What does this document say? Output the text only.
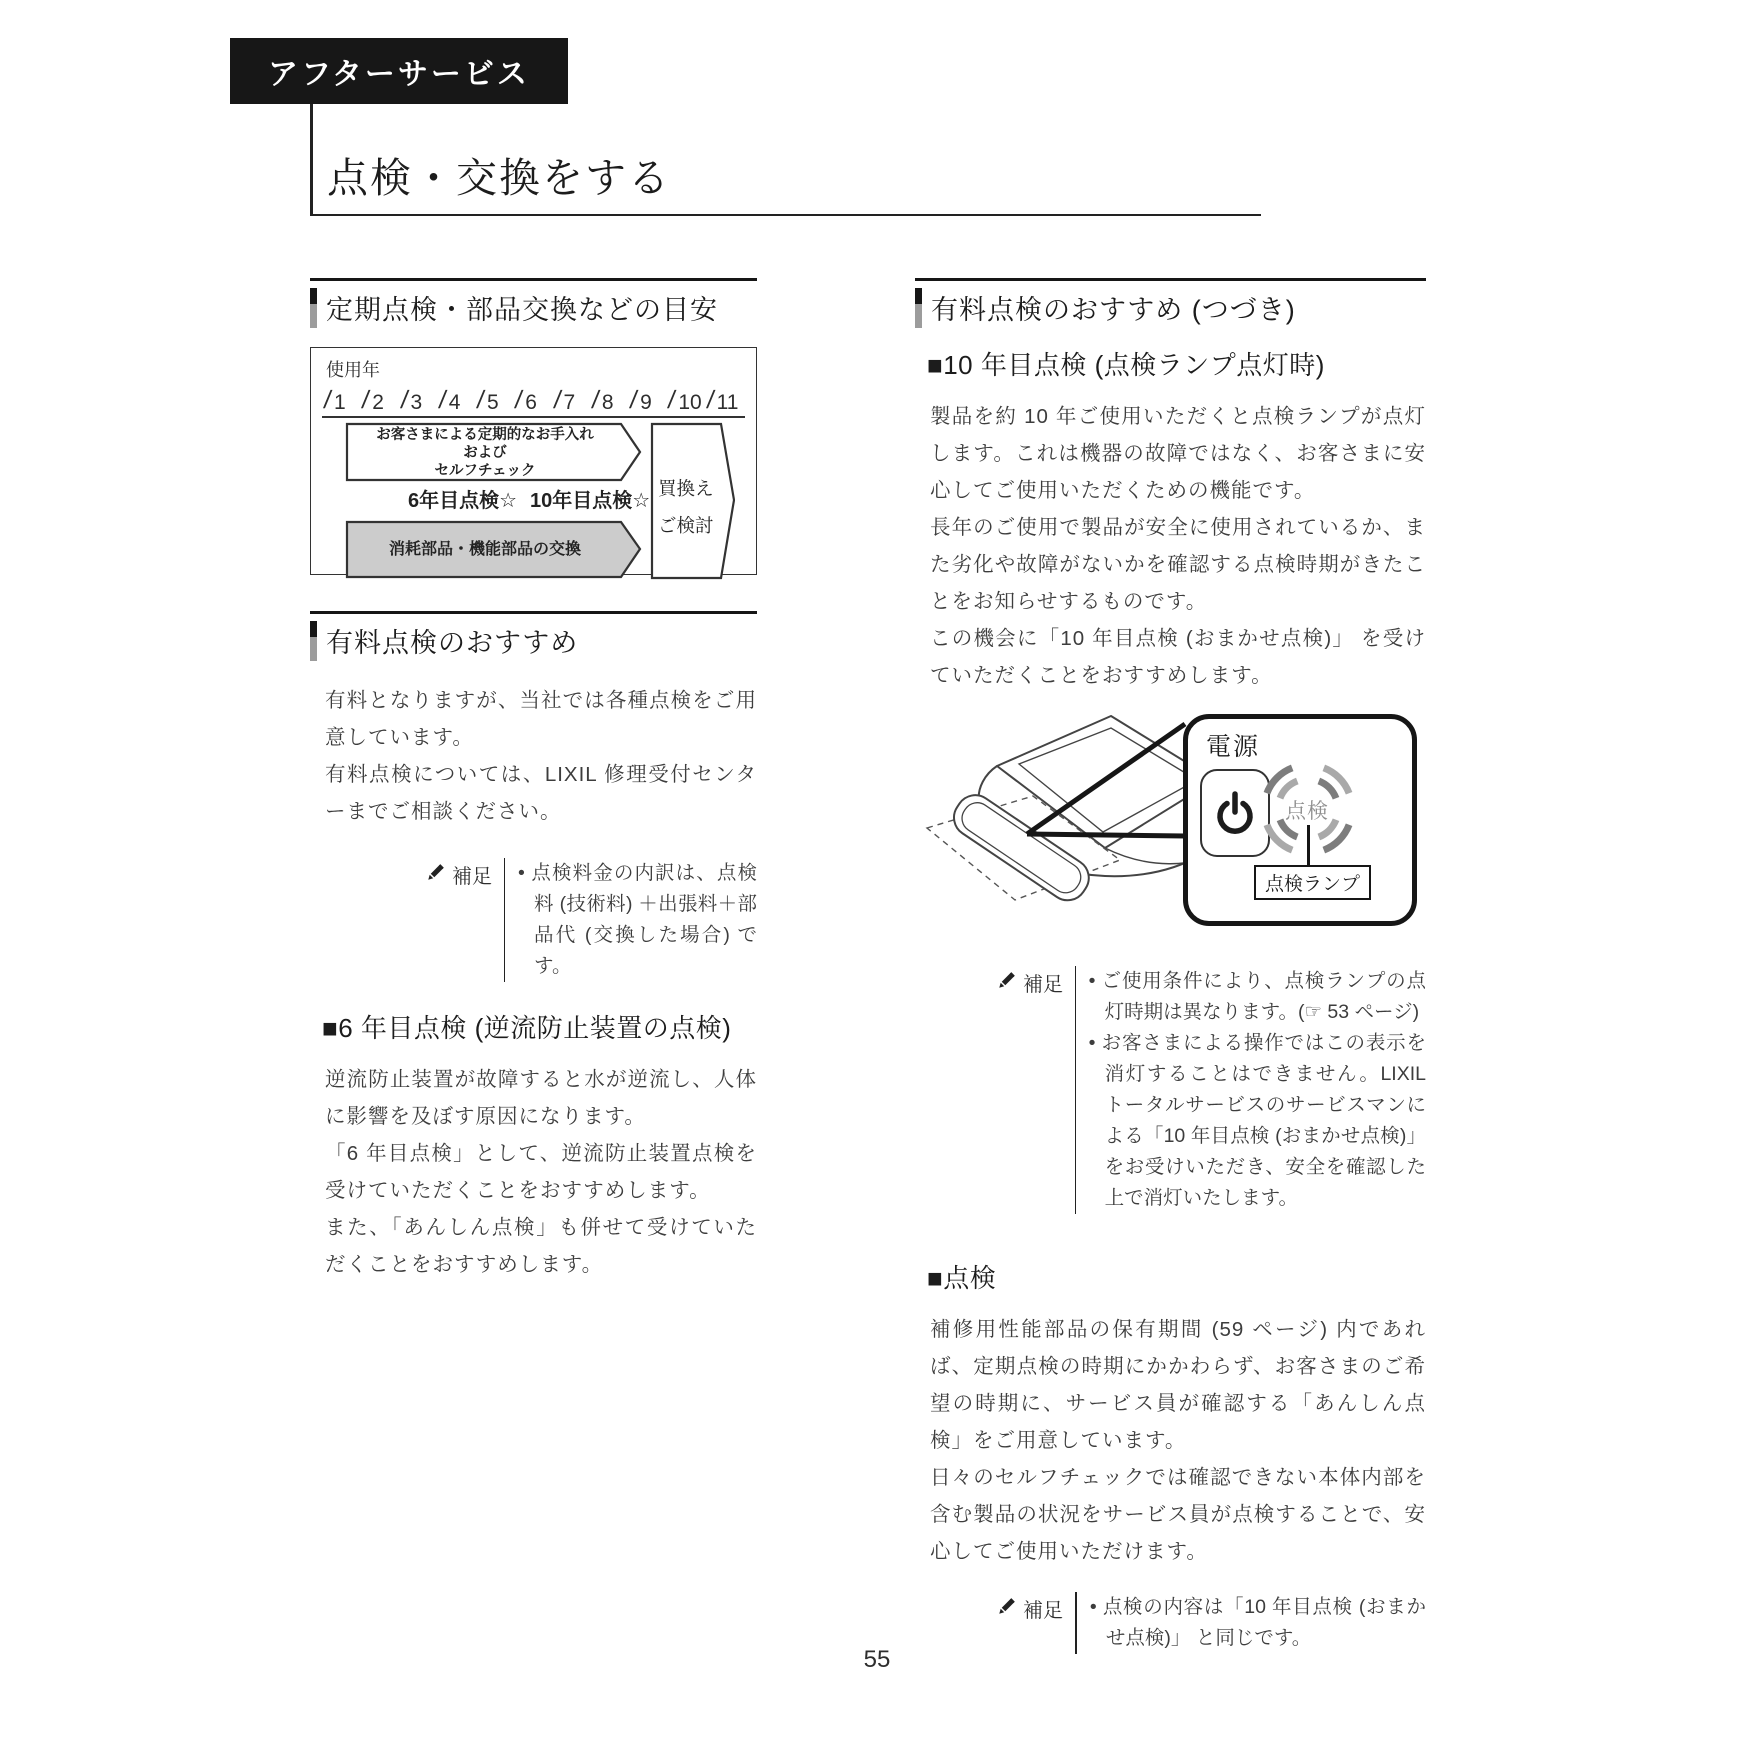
アフターサービス
点検・交換をする
定期点検・部品交換などの目安
使用年
/ 1 / 2 / 3 / 4 / 5 / 6 / 7 / 8 / 9 / 10 / 11
お客さまによる定期的なお手入れ
および
セルフチェック
6年目点検☆ 10年目点検☆
消耗部品・機能部品の交換
買換え
ご検討
有料点検のおすすめ

有料となりますが、当社では各種点検をご用意しています。

有料点検については、LIXIL 修理受付センターまでご相談ください。

補足	• 点検料金の内訳は、点検料 (技術料) ＋出張料＋部品代 (交換した場合) です。
■6 年目点検 (逆流防止装置の点検)

逆流防止装置が故障すると水が逆流し、人体に影響を及ぼす原因になります。

「6 年目点検」として、逆流防止装置点検を受けていただくことをおすすめします。

また、「あんしん点検」も併せて受けていただくことをおすすめします。

有料点検のおすすめ (つづき)
■10 年目点検 (点検ランプ点灯時)

製品を約 10 年ご使用いただくと点検ランプが点灯します。これは機器の故障ではなく、お客さまに安心してご使用いただくための機能です。

長年のご使用で製品が安全に使用されているか、また劣化や故障がないかを確認する点検時期がきたことをお知らせするものです。

この機会に「10 年目点検 (おまかせ点検)」 を受けていただくことをおすすめします。

電源
点検
点検ランプ
補足	• ご使用条件により、点検ランプの点灯時期は異なります。(☞ 53 ページ)
• お客さまによる操作ではこの表示を消灯することはできません。LIXIL トータルサービスのサービスマンによる「10 年目点検 (おまかせ点検)」 をお受けいただき、安全を確認した上で消灯いたします。
■点検

補修用性能部品の保有期間 (59 ページ) 内であれば、定期点検の時期にかかわらず、お客さまのご希望の時期に、サービス員が確認する「あんしん点検」をご用意しています。

日々のセルフチェックでは確認できない本体内部を含む製品の状況をサービス員が点検することで、安心してご使用いただけます。

補足	• 点検の内容は「10 年目点検 (おまかせ点検)」 と同じです。
55
